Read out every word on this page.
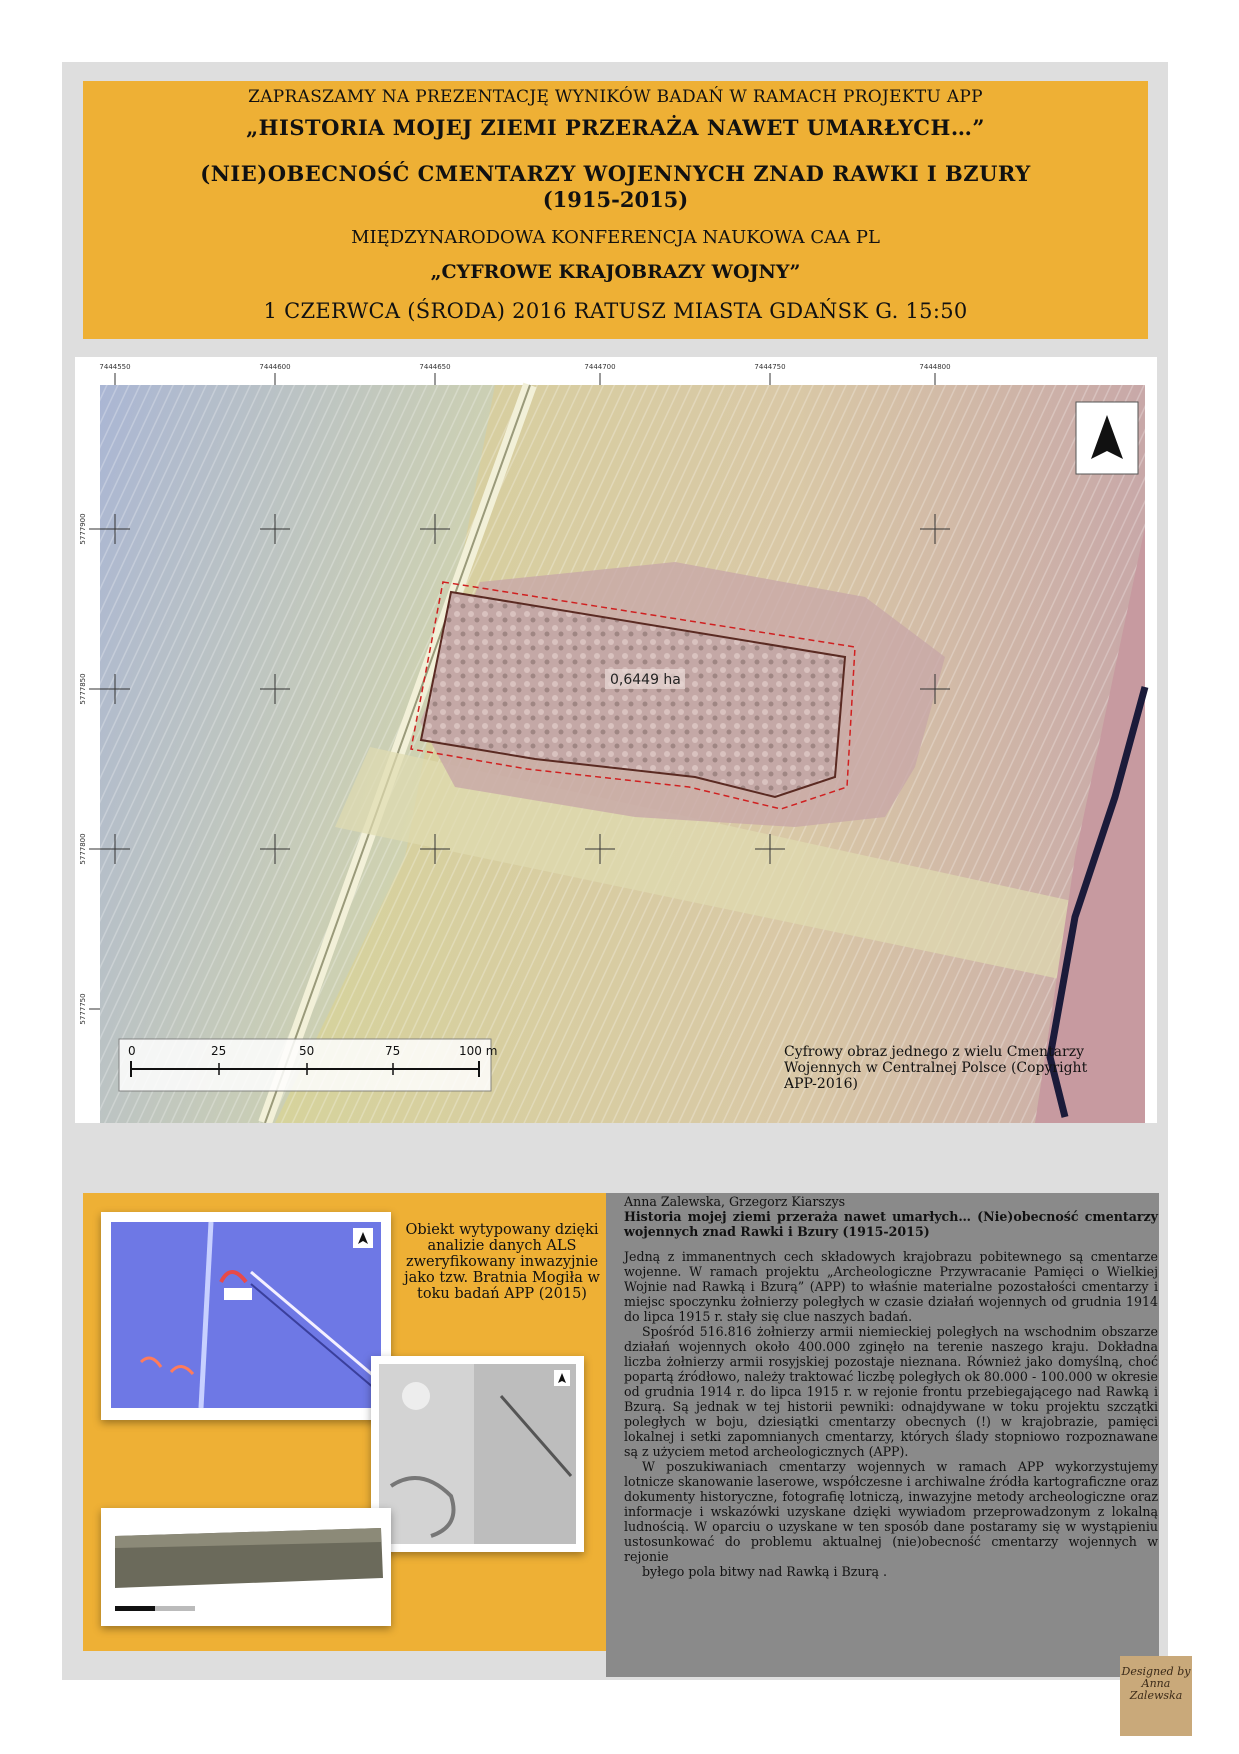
ZAPRASZAMY NA PREZENTACJĘ WYNIKÓW BADAŃ W RAMACH PROJEKTU APP
„HISTORIA MOJEJ ZIEMI PRZERAŻA NAWET UMARŁYCH…”
(NIE)OBECNOŚĆ CMENTARZY WOJENNYCH ZNAD RAWKI I BZURY
(1915-2015)
MIĘDZYNARODOWA KONFERENCJA NAUKOWA CAA PL
„CYFROWE KRAJOBRAZY WOJNY”
1 CZERWCA (ŚRODA) 2016 RATUSZ MIASTA GDAŃSK G. 15:50
0,6449 ha
7444550	7444600	7444650	7444700	7444750	7444800
5777900
5777850
5777800
5777750
0	25	50	75	100 m	Cyfrowy obraz jednego z wielu Cmentarzy Wojennych w Centralnej Polsce (Copyright APP-2016)
Obiekt wytypowany dzięki analizie danych ALS zweryfikowany inwazyjnie jako tzw. Bratnia Mogiła w toku badań APP (2015)
Anna Zalewska, Grzegorz Kiarszys
Historia mojej ziemi przeraża nawet umarłych… (Nie)obecność cmentarzy wojennych znad Rawki i Bzury (1915-2015)

Jedną z immanentnych cech składowych krajobrazu pobitewnego są cmentarze wojenne. W ramach projektu „Archeologiczne Przywracanie Pamięci o Wielkiej Wojnie nad Rawką i Bzurą” (APP) to właśnie materialne pozostałości cmentarzy i miejsc spoczynku żołnierzy poległych w czasie działań wojennych od grudnia 1914 do lipca 1915 r. stały się clue naszych badań.

Spośród 516.816 żołnierzy armii niemieckiej poległych na wschodnim obszarze działań wojennych około 400.000 zginęło na terenie naszego kraju. Dokładna liczba żołnierzy armii rosyjskiej pozostaje nieznana. Również jako domyślną, choć popartą źródłowo, należy traktować liczbę poległych ok 80.000 - 100.000 w okresie od grudnia 1914 r. do lipca 1915 r. w rejonie frontu przebiegającego nad Rawką i Bzurą. Są jednak w tej historii pewniki: odnajdywane w toku projektu szczątki poległych w boju, dziesiątki cmentarzy obecnych (!) w krajobrazie, pamięci lokalnej i setki zapomnianych cmentarzy, których ślady stopniowo rozpoznawane są z użyciem metod archeologicznych (APP).

W poszukiwaniach cmentarzy wojennych w ramach APP wykorzystujemy lotnicze skanowanie laserowe, współczesne i archiwalne źródła kartograficzne oraz dokumenty historyczne, fotografię lotniczą, inwazyjne metody archeologiczne oraz informacje i wskazówki uzyskane dzięki wywiadom przeprowadzonym z lokalną ludnością. W oparciu o uzyskane w ten sposób dane postaramy się w wystąpieniu ustosunkować do problemu aktualnej (nie)obecność cmentarzy wojennych w rejonie

byłego pola bitwy nad Rawką i Bzurą .

Designed by Anna Zalewska
